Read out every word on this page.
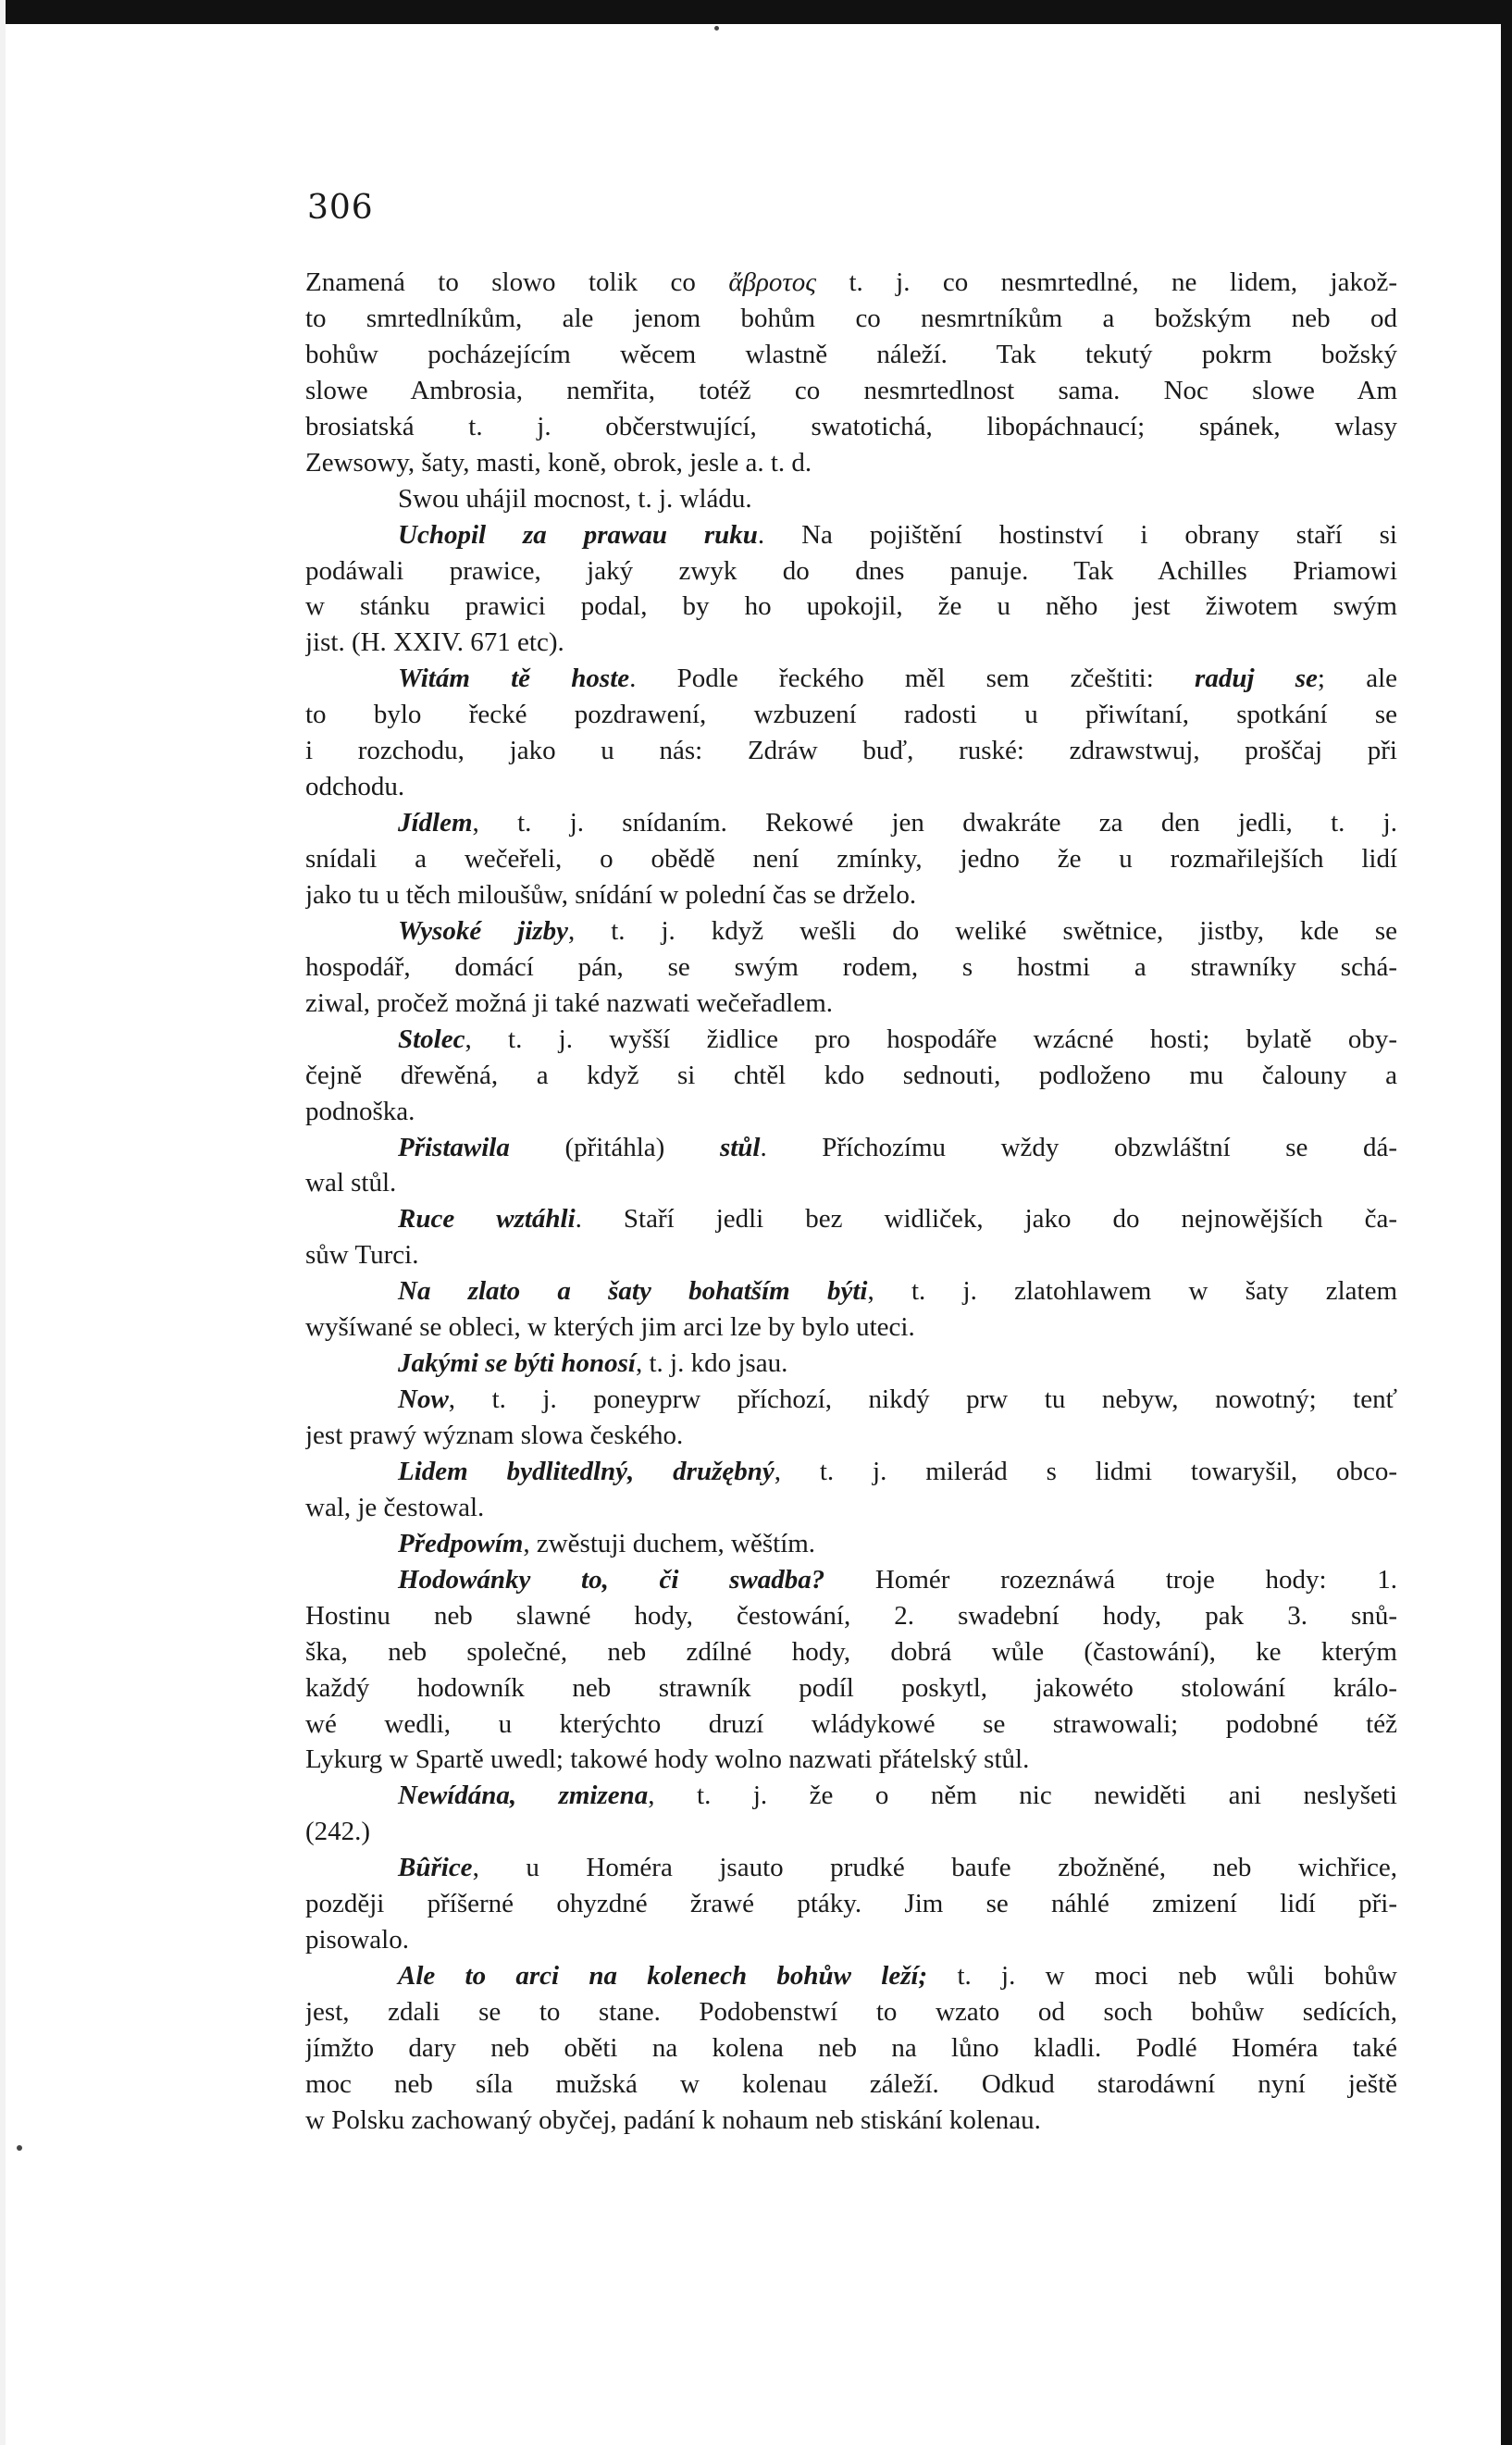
306
Znamená to slowo tolik co ἄβροτος t. j. co nesmrtedlné, ne lidem, jakož-
to smrtedlníkům, ale jenom bohům co nesmrtníkům a božským neb od
bohůw pocházejícím wěcem wlastně náleží. Tak tekutý pokrm božský
slowe Ambrosia, nemřita, totéž co nesmrtedlnost sama. Noc slowe Am
brosiatská t. j. občerstwující, swatotichá, libopáchnaucí; spánek, wlasy
Zewsowy, šaty, masti, koně, obrok, jesle a. t. d.
Swou uhájil mocnost, t. j. wládu.
Uchopil za prawau ruku. Na pojištění hostinství i obrany staří si
podáwali prawice, jaký zwyk do dnes panuje. Tak Achilles Priamowi
w stánku prawici podal, by ho upokojil, že u něho jest žiwotem swým
jist. (H. XXIV. 671 etc).
Witám tě hoste. Podle řeckého měl sem zčeštiti: raduj se; ale
to bylo řecké pozdrawení, wzbuzení radosti u přiwítaní, spotkání se
i rozchodu, jako u nás: Zdráw buď, ruské: zdrawstwuj, proščaj při
odchodu.
Jídlem, t. j. snídaním. Rekowé jen dwakráte za den jedli, t. j.
snídali a wečeřeli, o obědě není zmínky, jedno že u rozmařilejších lidí
jako tu u těch miloušůw, snídání w polední čas se drželo.
Wysoké jizby, t. j. když wešli do weliké swětnice, jistby, kde se
hospodář, domácí pán, se swým rodem, s hostmi a strawníky schá-
ziwal, pročež možná ji také nazwati wečeřadlem.
Stolec, t. j. wyšší židlice pro hospodáře wzácné hosti; bylatě oby-
čejně dřewěná, a když si chtěl kdo sednouti, podloženo mu čalouny a
podnoška.
Přistawila (přitáhla) stůl. Příchozímu wždy obzwláštní se dá-
wal stůl.
Ruce wztáhli. Staří jedli bez widliček, jako do nejnowějších ča-
sůw Turci.
Na zlato a šaty bohatším býti, t. j. zlatohlawem w šaty zlatem
wyšíwané se obleci, w kterých jim arci lze by bylo uteci.
Jakými se býti honosí, t. j. kdo jsau.
Now, t. j. poneyprw příchozí, nikdý prw tu nebyw, nowotný; tenť
jest prawý wýznam slowa českého.
Lidem bydlitedlný, družębný, t. j. milerád s lidmi towaryšil, obco-
wal, je čestowal.
Předpowím, zwěstuji duchem, wěštím.
Hodowánky to, či swadba? Homér rozeznáwá troje hody: 1.
Hostinu neb slawné hody, čestowání, 2. swadební hody, pak 3. snů-
ška, neb společné, neb zdílné hody, dobrá wůle (častowání), ke kterým
každý hodowník neb strawník podíl poskytl, jakowéto stolowání králo-
wé wedli, u kterýchto druzí wládykowé se strawowali; podobné též
Lykurg w Spartě uwedl; takowé hody wolno nazwati přátelský stůl.
Newídána, zmizena, t. j. že o něm nic newiděti ani neslyšeti
(242.)
Bûřice, u Homéra jsauto prudké baufe zbožněné, neb wichřice,
později příšerné ohyzdné žrawé ptáky. Jim se náhlé zmizení lidí při-
pisowalo.
Ale to arci na kolenech bohůw leží; t. j. w moci neb wůli bohůw
jest, zdali se to stane. Podobenstwí to wzato od soch bohůw sedících,
jímžto dary neb oběti na kolena neb na lůno kladli. Podlé Homéra také
moc neb síla mužská w kolenau záleží. Odkud starodáwní nyní ještě
w Polsku zachowaný obyčej, padání k nohaum neb stiskání kolenau.
